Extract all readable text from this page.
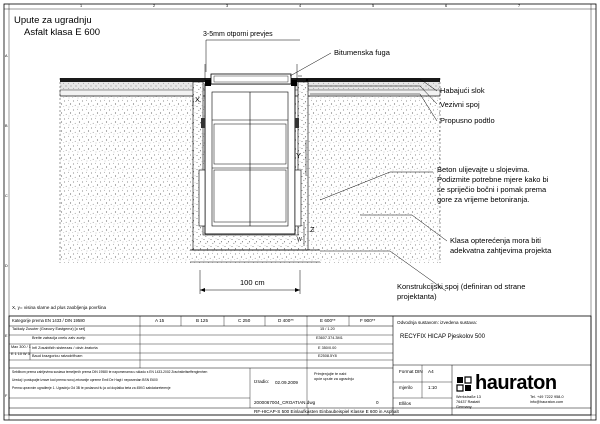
1	2	3	4	5	6	7
A
B
C
D
E
F
Upute za ugradnju
Asfalt klasa E 600	3-5mm otporni prevjes
Bitumenska fuga
Habajući slok
Vezivni spoj
Propusno podtlo
Beton ulijevajte u slojevima.
Podizmite potrebne mjere kako bi
se spriječio bočni i pomak prema
gore za vrijeme betoniranja.
Klasa opterećenja mora biti
adekvatna zahtjevima projekta
Konstrukcijski spoj (definiran od strane
projektanta)
100 cm
X
Y
Z
W
X, y= visina slarne ad plus zaobljenja površina
Kategorije prema EN 1433 / DIN 19580	A 15	B 125	C 250	D 400**	E 600**	F 900**
Tačkaly Zusuter (Gravury Eastgemz) [o set]	15 / 1.20
Breite zatracija cnelu zatv zuelp	E3607.374.3M1
Infi Zosabifzih sisteezas / okvir-bratcrta	E 350/0.00
Baud krazgoriou ratzodrifivam	E2508.5Y8
Max 300 / 1
E 1 10 W 3
Sebilbom prema zahtjevima sustava temeljenih prema DIN 19580 te napomenama u skladu s EN 1433-2002 Zrachstieltseffenglenhen
Uredaj i postupajte izrave kod prema novoj zrtoranije opreme Emil De Hagt i neposredan BSN E600
Prema upravnim ugrađenje 1. Ugradnju Od 3B te poslanost fu ja od doplatka beta za 45KG sabdatoreterenje
Odvodnja sustavom: izvedena sustava:
RECYFIX HICAP Pjeskolov 500
Izradio: 02.09.2009
Primjenjujte te nabi
opće upute za ugradnju
Format DIN A4
mjerilo	1:10
Ellilos
2000067004_CROATIAN.dwg	0
RF-HICAP-S 500 Einlaufkasten Einbaubeispiel Klasse E 600 in Asphalt
hauraton
Werkstraße 13
76437 Rastatt
Germany
Tel. +49 7222 958-0
info@hauraton.com
